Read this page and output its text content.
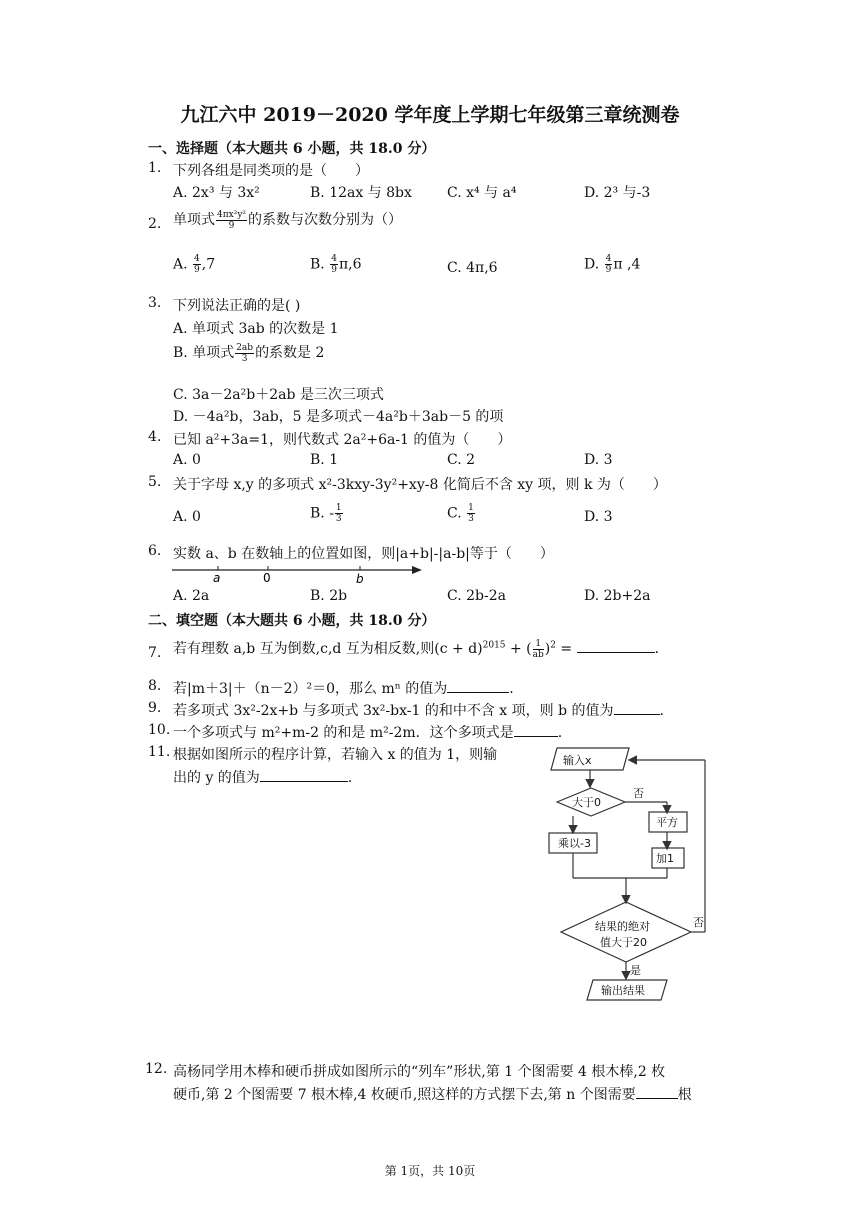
九江六中 2019－2020 学年度上学期七年级第三章统测卷
一、选择题（本大题共 6 小题，共 18.0 分）
1. 下列各组是同类项的是（　　）
A. 2x³ 与 3x²	B. 12ax 与 8bx	C. x⁴ 与 a⁴	D. 2³ 与-3
2. 单项式 $\frac{\text{4πx²y²}}{9}$ 的系数与次数分别为（）
A. $\frac{4}{9} ,7$	B. $\frac{4}{9} \pi,6$	C. 4π,6	D. $\frac{4}{9}$ π ,4
3. 下列说法正确的是( )
A. 单项式 3ab 的次数是 1
B. 单项式 $\frac{2ab}{3}$ 的系数是 2
C. 3a－2a²b＋2ab 是三次三项式
D. －4a²b，3ab，5 是多项式－4a²b＋3ab－5 的项
4. 已知 a²+3a=1，则代数式 2a²+6a-1 的值为（　　）
A. 0	B. 1	C. 2	D. 3
5. 关于字母 x,y 的多项式 x²-3kxy-3y²+xy-8 化简后不含 xy 项，则 k 为（　　）
A. 0	B. - $\frac{1}{3}$	C. $\frac{1}{3}$	D. 3
6. 实数 a、b 在数轴上的位置如图，则|a+b|-|a-b|等于（　　）
a	0	b
A. 2a	B. 2b	C. 2b-2a	D. 2b+2a
二、填空题（本大题共 6 小题，共 18.0 分）
7. 若有理数 a,b 互为倒数,c,d 互为相反数,则$(c + d)^{2015}$ + ( $\frac{1}{ab} )^2$ =	.
8. 若|m＋3|＋（n－2）²＝0，那么 mⁿ 的值为	.
9. 若多项式 3x²-2x+b 与多项式 3x²-bx-1 的和中不含 x 项，则 b 的值为	.
10. 一个多项式与 m²+m-2 的和是 m²-2m．这个多项式是	.
11. 根据如图所示的程序计算，若输入 x 的值为 1，则输
出的 y 的值为	.
输入x
大于0
否
乘以-3
平方
加1
结果的绝对
值大于20
否
是
输出结果
12. 高杨同学用木棒和硬币拼成如图所示的“列车”形状,第 1 个图需要 4 根木棒,2 枚
硬币,第 2 个图需要 7 根木棒,4 枚硬币,照这样的方式摆下去,第 n 个图需要	根
第 1页，共 10页
